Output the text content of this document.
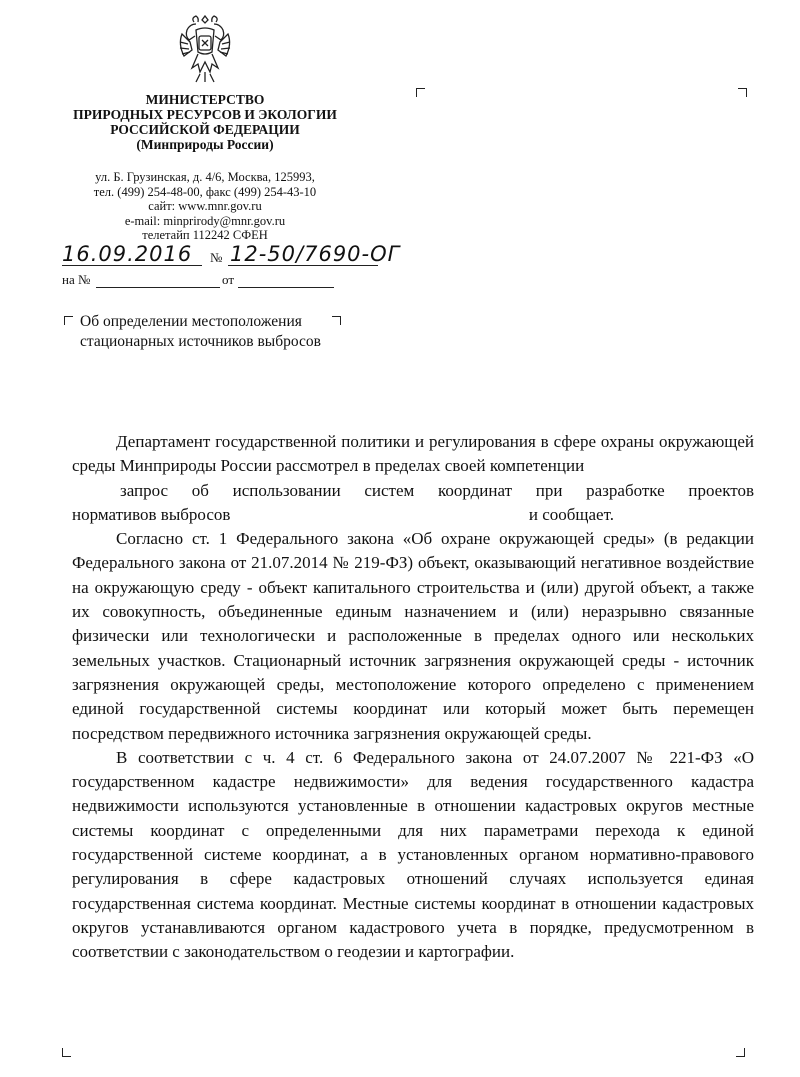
МИНИСТЕРСТВО
ПРИРОДНЫХ РЕСУРСОВ И ЭКОЛОГИИ
РОССИЙСКОЙ ФЕДЕРАЦИИ
(Минприроды России)
ул. Б. Грузинская, д. 4/6, Москва, 125993,
тел. (499) 254-48-00, факс (499) 254-43-10
сайт: www.mnr.gov.ru
e-mail: minprirody@mnr.gov.ru
телетайп 112242 СФЕН
16.09.2016 № 12-50/7690-ОГ
на №	от
Об определении местоположения
стационарных источников выбросов

Департамент государственной политики и регулирования в сфере охраны окружающей среды Минприроды России рассмотрел в пределах своей компетенции

запрос об использовании систем координат при разработке проектов
нормативов выбросов	и сообщает.

Согласно ст. 1 Федерального закона «Об охране окружающей среды» (в редакции Федерального закона от 21.07.2014 № 219-ФЗ) объект, оказывающий негативное воздействие на окружающую среду - объект капитального строительства и (или) другой объект, а также их совокупность, объединенные единым назначением и (или) неразрывно связанные физически или технологически и расположенные в пределах одного или нескольких земельных участков. Стационарный источник загрязнения окружающей среды - источник загрязнения окружающей среды, местоположение которого определено с применением единой государственной системы координат или который может быть перемещен посредством передвижного источника загрязнения окружающей среды.

В соответствии с ч. 4 ст. 6 Федерального закона от 24.07.2007 № 221-ФЗ «О государственном кадастре недвижимости» для ведения государственного кадастра недвижимости используются установленные в отношении кадастровых округов местные системы координат с определенными для них параметрами перехода к единой государственной системе координат, а в установленных органом нормативно-правового регулирования в сфере кадастровых отношений случаях используется единая государственная система координат. Местные системы координат в отношении кадастровых округов устанавливаются органом кадастрового учета в порядке, предусмотренном в соответствии с законодательством о геодезии и картографии.
